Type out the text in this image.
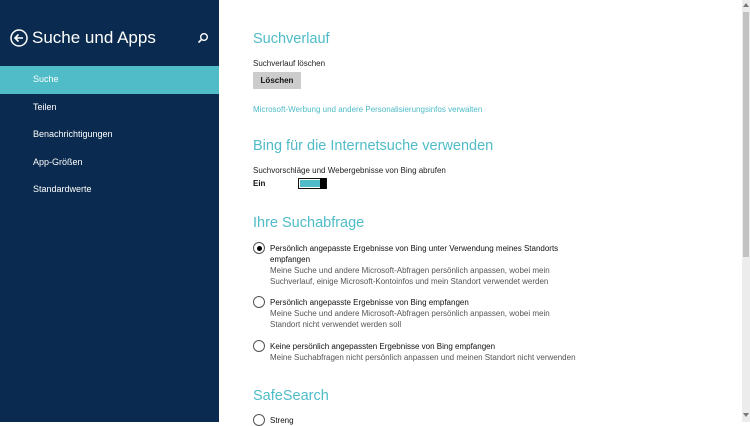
Suche und Apps
Suche
Teilen
Benachrichtigungen
App-Größen
Standardwerte
Suchverlauf
Suchverlauf löschen
Löschen
Microsoft-Werbung und andere Personalisierungsinfos verwalten
Bing für die Internetsuche verwenden
Suchvorschläge und Webergebnisse von Bing abrufen
Ein
Ihre Suchabfrage
Persönlich angepasste Ergebnisse von Bing unter Verwendung meines Standorts
empfangen
Meine Suche und andere Microsoft-Abfragen persönlich anpassen, wobei mein
Suchverlauf, einige Microsoft-Kontoinfos und mein Standort verwendet werden
Persönlich angepasste Ergebnisse von Bing empfangen
Meine Suche und andere Microsoft-Abfragen persönlich anpassen, wobei mein
Standort nicht verwendet werden soll
Keine persönlich angepassten Ergebnisse von Bing empfangen
Meine Suchabfragen nicht persönlich anpassen und meinen Standort nicht verwenden
SafeSearch
Streng
